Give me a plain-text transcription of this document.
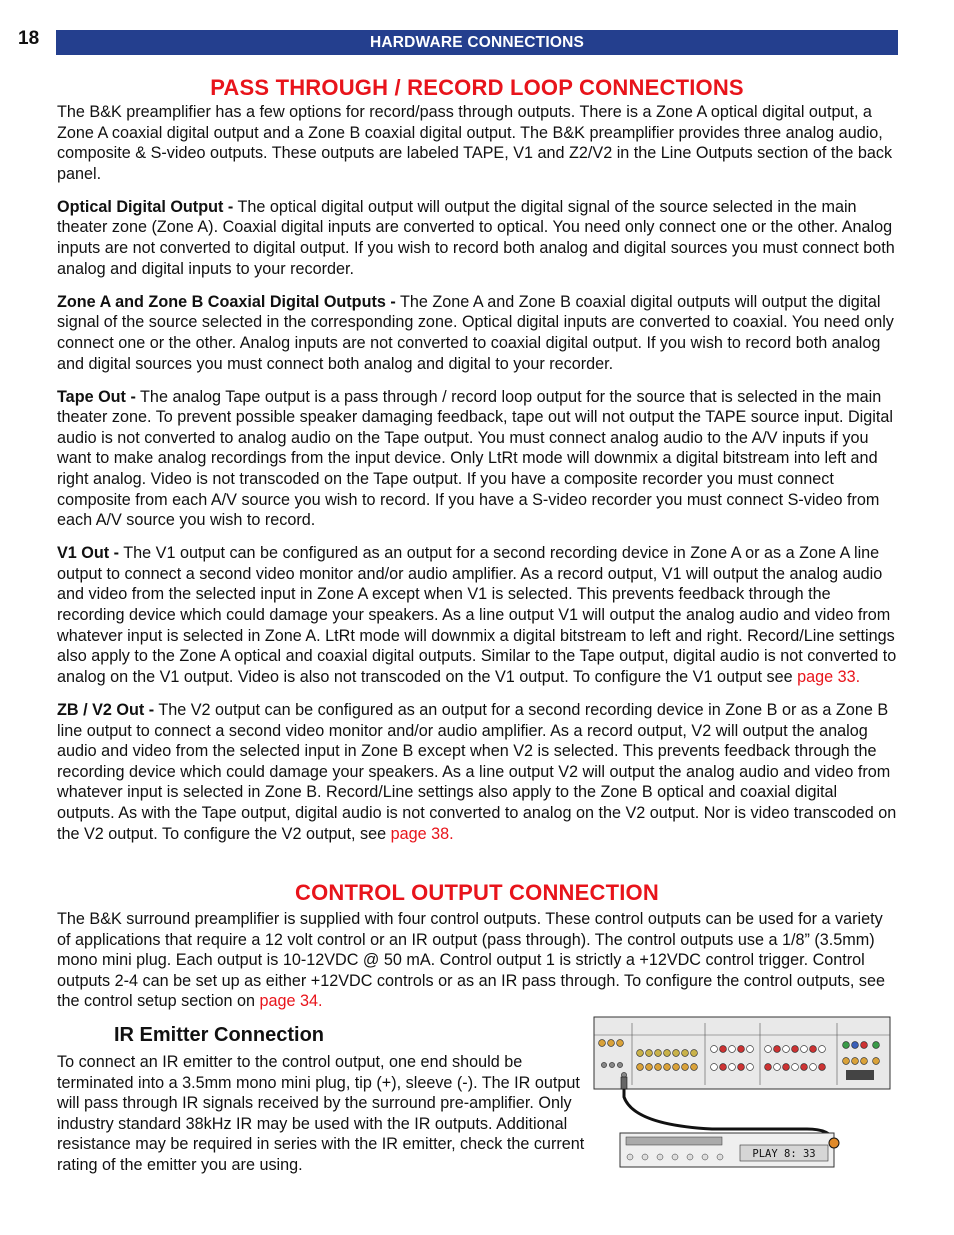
18	HARDWARE CONNECTIONS
PASS THROUGH / RECORD LOOP CONNECTIONS

The B&K preamplifier has a few options for record/pass through outputs. There is a Zone A optical digital output, a Zone A coaxial digital output and a Zone B coaxial digital output. The B&K preamplifier provides three analog audio, composite & S-video outputs. These outputs are labeled TAPE, V1 and Z2/V2 in the Line Outputs section of the back panel.

Optical Digital Output - The optical digital output will output the digital signal of the source selected in the main theater zone (Zone A). Coaxial digital inputs are converted to optical. You need only connect one or the other. Analog inputs are not converted to digital output. If you wish to record both analog and digital sources you must connect both analog and digital inputs to your recorder.

Zone A and Zone B Coaxial Digital Outputs - The Zone A and Zone B coaxial digital outputs will output the digital signal of the source selected in the corresponding zone. Optical digital inputs are converted to coaxial. You need only connect one or the other. Analog inputs are not converted to coaxial digital output. If you wish to record both analog and digital sources you must connect both analog and digital to your recorder.

Tape Out - The analog Tape output is a pass through / record loop output for the source that is selected in the main theater zone. To prevent possible speaker damaging feedback, tape out will not output the TAPE source input. Digital audio is not converted to analog audio on the Tape output. You must connect analog audio to the A/V inputs if you want to make analog recordings from the input device. Only LtRt mode will downmix a digital bitstream into left and right analog. Video is not transcoded on the Tape output. If you have a composite recorder you must connect composite from each A/V source you wish to record. If you have a S-video recorder you must connect S-video from each A/V source you wish to record.

V1 Out - The V1 output can be configured as an output for a second recording device in Zone A or as a Zone A line output to connect a second video monitor and/or audio amplifier. As a record output, V1 will output the analog audio and video from the selected input in Zone A except when V1 is selected. This prevents feedback through the recording device which could damage your speakers. As a line output V1 will output the analog audio and video from whatever input is selected in Zone A. LtRt mode will downmix a digital bitstream to left and right. Record/Line settings also apply to the Zone A optical and coaxial digital outputs. Similar to the Tape output, digital audio is not converted to analog on the V1 output. Video is also not transcoded on the V1 output. To configure the V1 output see page 33.

ZB / V2 Out - The V2 output can be configured as an output for a second recording device in Zone B or as a Zone B line output to connect a second video monitor and/or audio amplifier. As a record output, V2 will output the analog audio and video from the selected input in Zone B except when V2 is selected. This prevents feedback through the recording device which could damage your speakers. As a line output V2 will output the analog audio and video from whatever input is selected in Zone B. Record/Line settings also apply to the Zone B optical and coaxial digital outputs. As with the Tape output, digital audio is not converted to analog on the V2 output. Nor is video transcoded on the V2 output. To configure the V2 output, see page 38.

CONTROL OUTPUT CONNECTION

The B&K surround preamplifier is supplied with four control outputs. These control outputs can be used for a variety of applications that require a 12 volt control or an IR output (pass through). The control outputs use a 1/8” (3.5mm) mono mini plug. Each output is 10-12VDC @ 50 mA. Control output 1 is strictly a +12VDC control trigger. Control outputs 2-4 can be set up as either +12VDC controls or as an IR pass through. To configure the control outputs, see the control setup section on page 34.

IR Emitter Connection
To connect an IR emitter to the control output, one end should be terminated into a 3.5mm mono mini plug, tip (+), sleeve (-). The IR output will pass through IR signals received by the surround pre-amplifier. Only industry standard 38kHz IR may be used with the IR outputs. Additional resistance may be required in series with the IR emitter, check the current rating of the emitter you are using.
PLAY 8: 33
